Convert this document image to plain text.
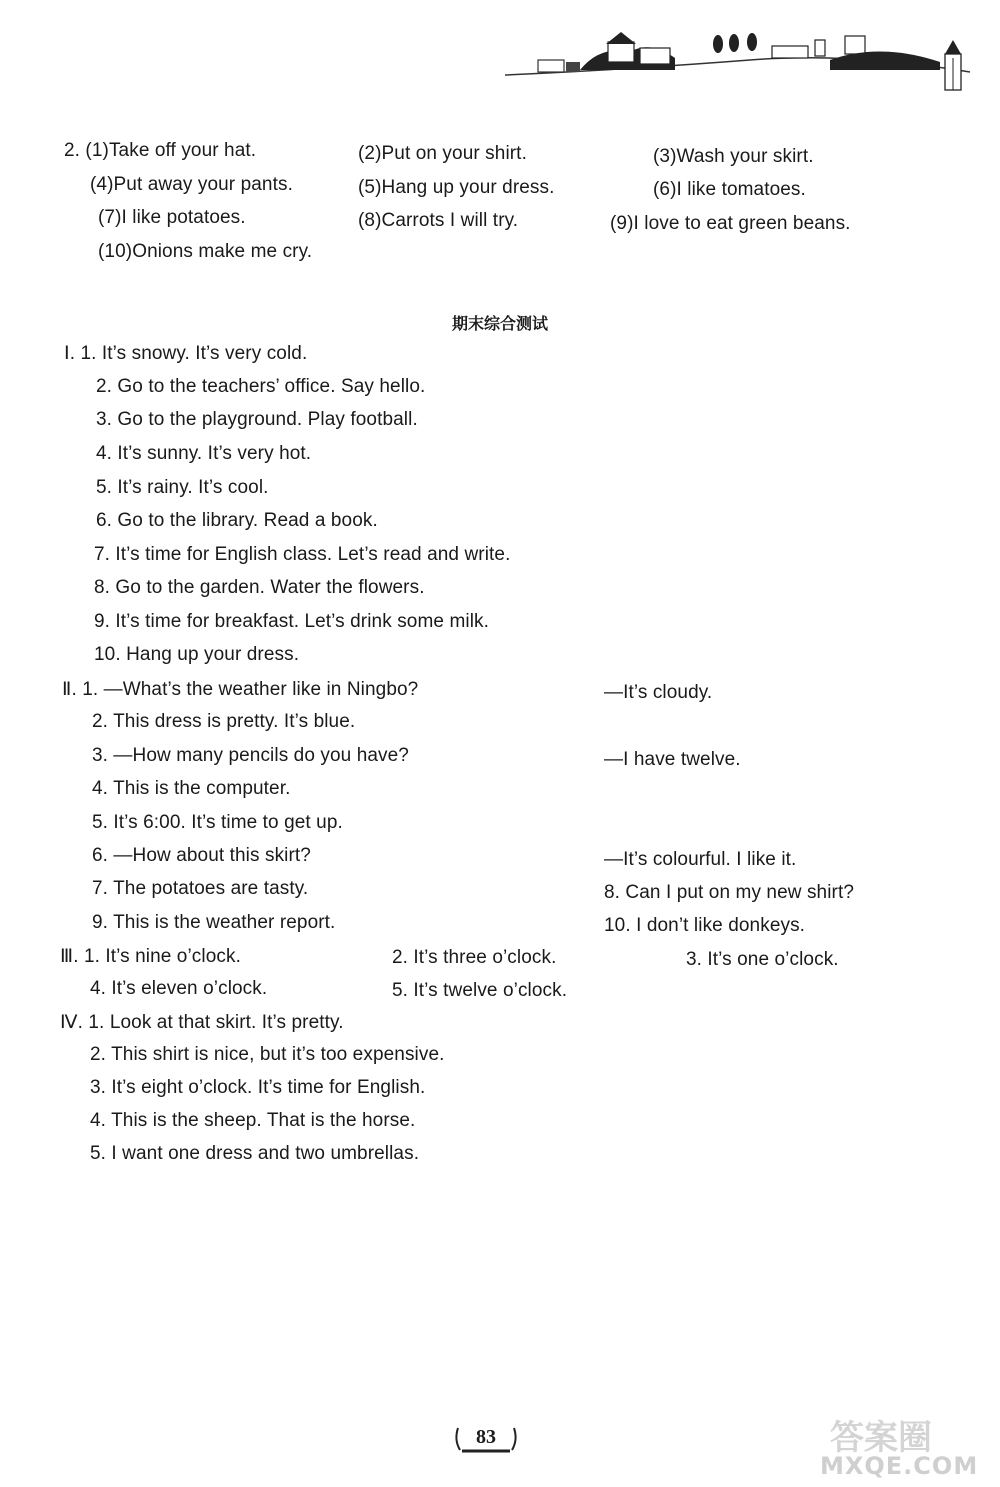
2. (1)Take off your hat.	(2)Put on your shirt.	(3)Wash your skirt.
(4)Put away your pants.	(5)Hang up your dress.	(6)I like tomatoes.
(7)I like potatoes.	(8)Carrots I will try.	(9)I love to eat green beans.
(10)Onions make me cry.
期末综合测试
Ⅰ. 1. It’s snowy. It’s very cold.
2. Go to the teachers’ office. Say hello.
3. Go to the playground. Play football.
4. It’s sunny. It’s very hot.
5. It’s rainy. It’s cool.
6. Go to the library. Read a book.
7. It’s time for English class. Let’s read and write.
8. Go to the garden. Water the flowers.
9. It’s time for breakfast. Let’s drink some milk.
10. Hang up your dress.
Ⅱ. 1. —What’s the weather like in Ningbo?	—It’s cloudy.
2. This dress is pretty. It’s blue.
3. —How many pencils do you have?	—I have twelve.
4. This is the computer.
5. It’s 6:00. It’s time to get up.
6. —How about this skirt?	—It’s colourful. I like it.
7. The potatoes are tasty.	8. Can I put on my new shirt?
9. This is the weather report.	10. I don’t like donkeys.
Ⅲ. 1. It’s nine o’clock.	2. It’s three o’clock.	3. It’s one o’clock.
4. It’s eleven o’clock.	5. It’s twelve o’clock.
Ⅳ. 1. Look at that skirt. It’s pretty.
2. This shirt is nice, but it’s too expensive.
3. It’s eight o’clock. It’s time for English.
4. This is the sheep. That is the horse.
5. I want one dress and two umbrellas.
83	答案圈
MXQE.COM
